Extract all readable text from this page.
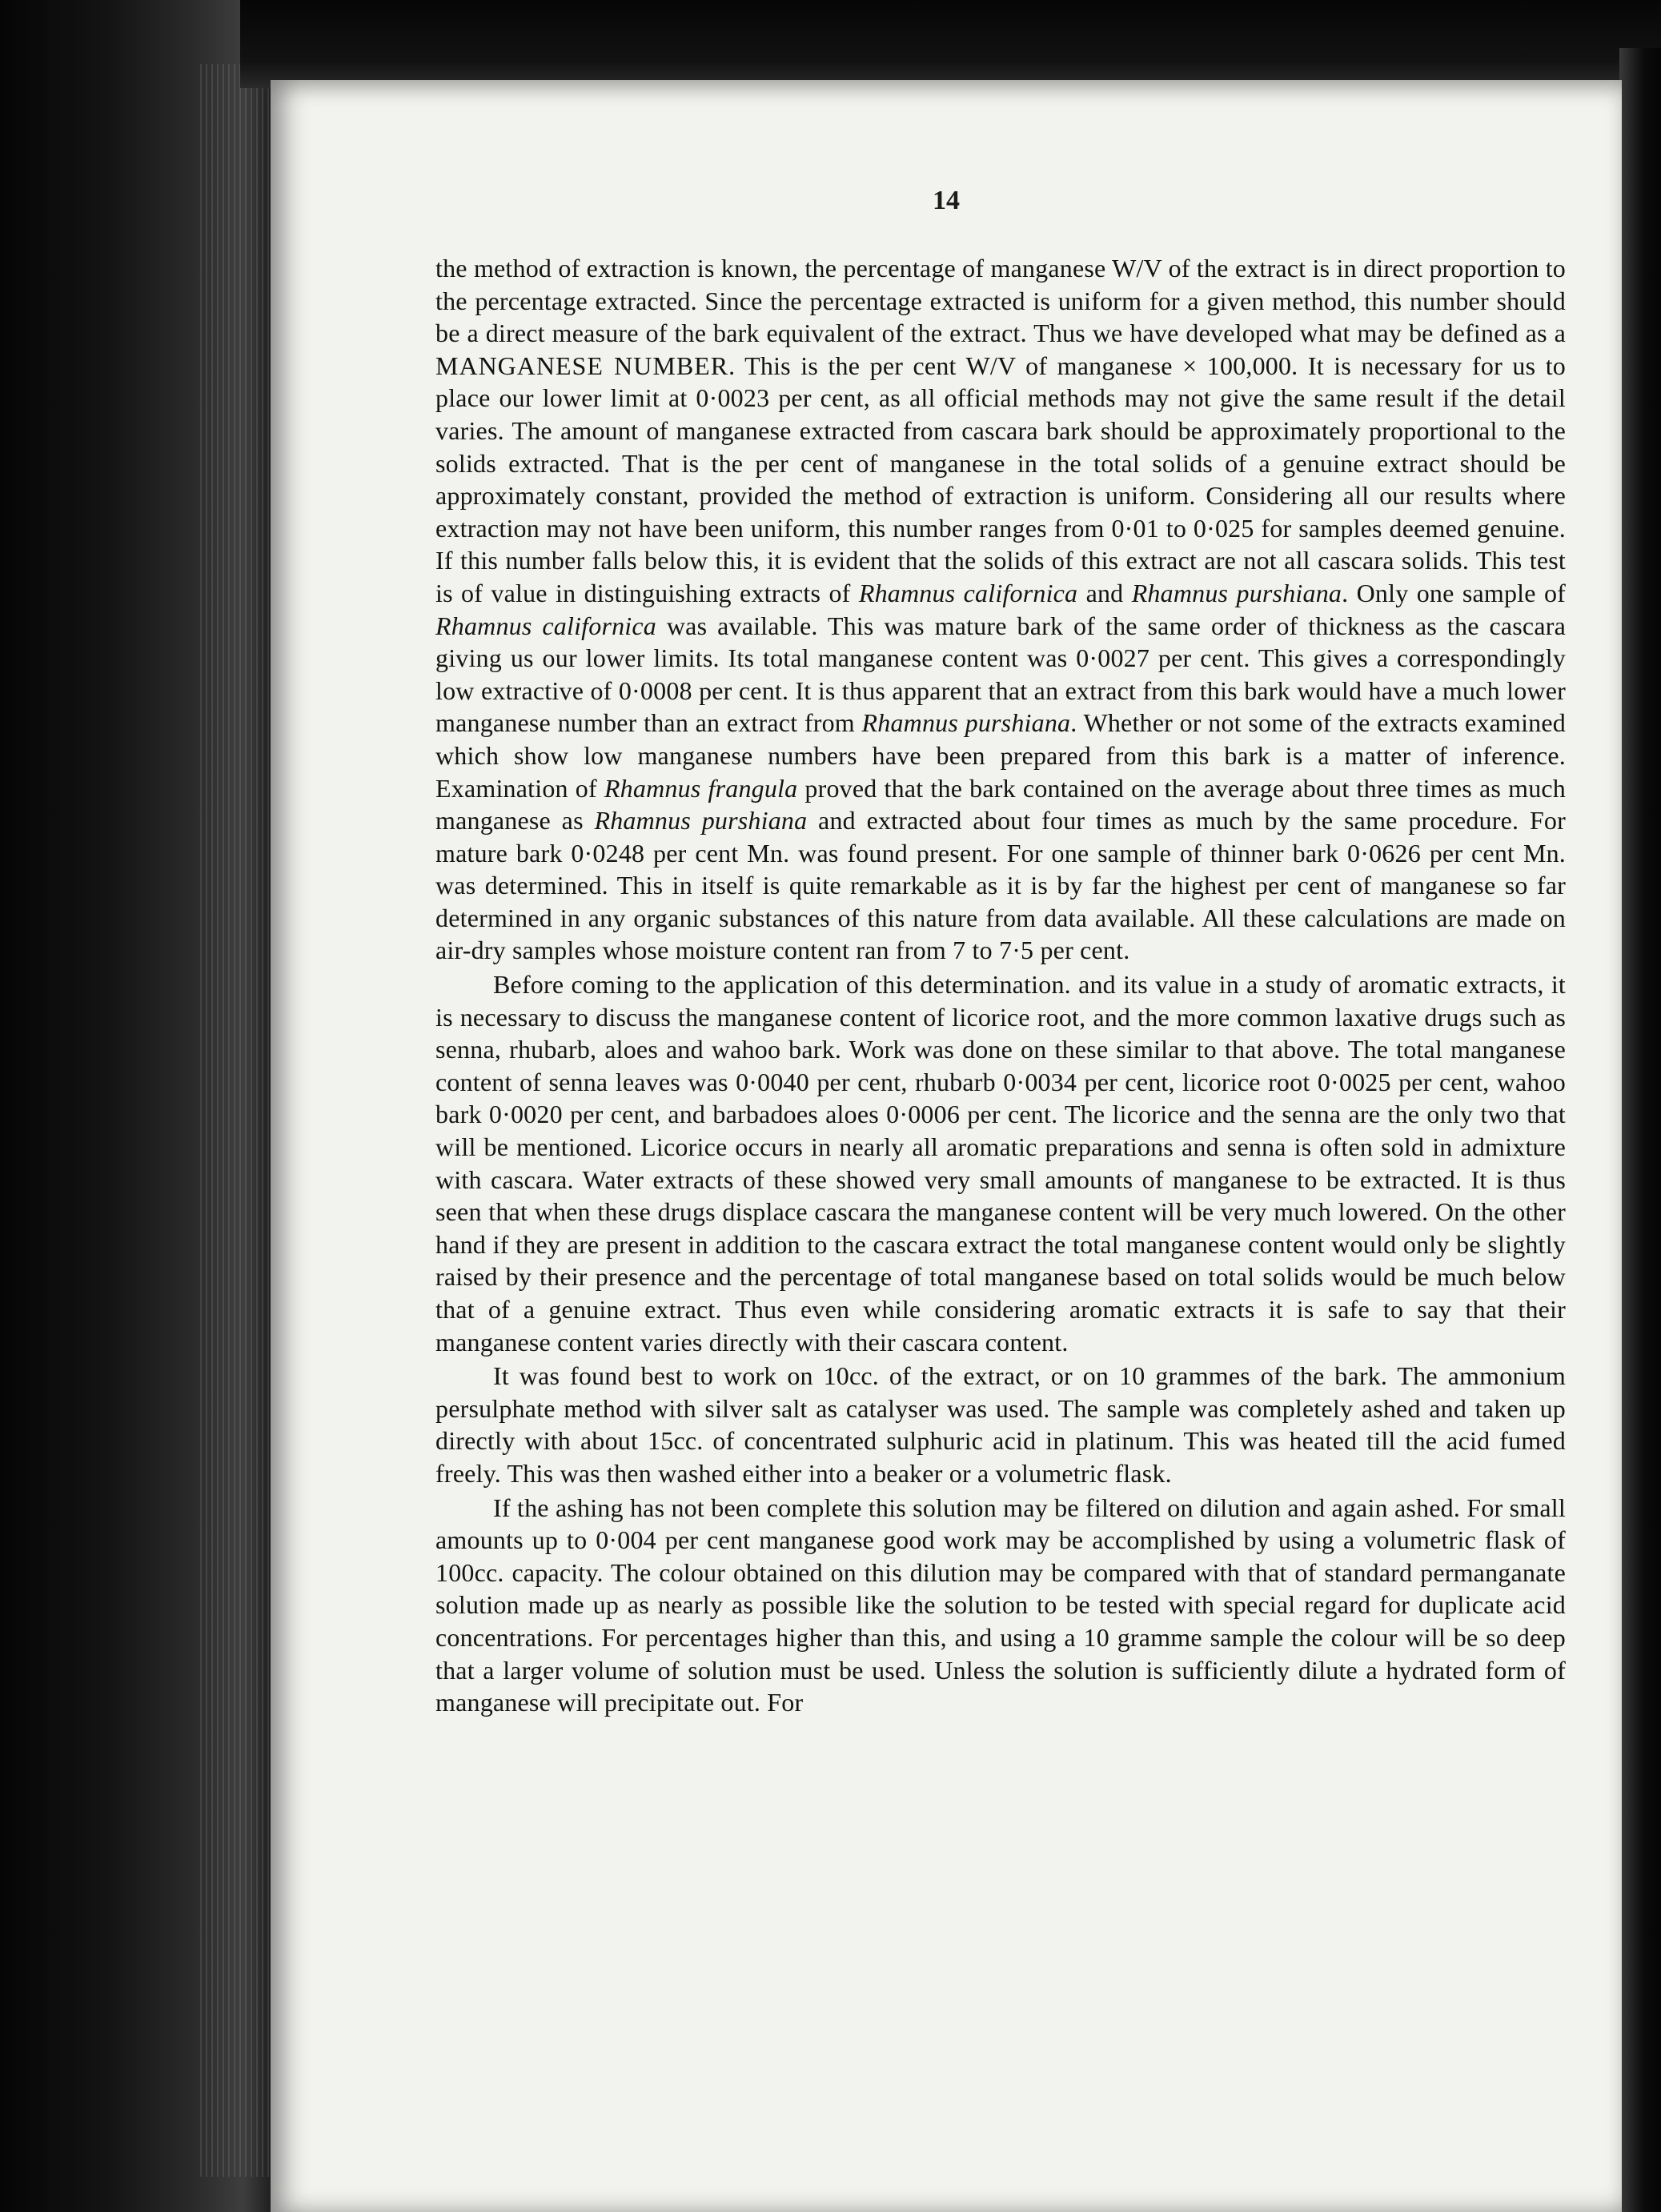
14

the method of extraction is known, the percentage of manganese W/V of the extract is in direct proportion to the percentage extracted. Since the percentage extracted is uniform for a given method, this number should be a direct measure of the bark equivalent of the extract. Thus we have developed what may be defined as a MANGANESE NUMBER. This is the per cent W/V of manganese × 100,000. It is necessary for us to place our lower limit at 0·0023 per cent, as all official methods may not give the same result if the detail varies. The amount of manganese extracted from cascara bark should be approximately proportional to the solids extracted. That is the per cent of manganese in the total solids of a genuine extract should be approximately constant, provided the method of extraction is uniform. Considering all our results where extraction may not have been uniform, this number ranges from 0·01 to 0·025 for samples deemed genuine. If this number falls below this, it is evident that the solids of this extract are not all cascara solids. This test is of value in distinguishing extracts of Rhamnus californica and Rhamnus purshiana. Only one sample of Rhamnus californica was available. This was mature bark of the same order of thickness as the cascara giving us our lower limits. Its total manganese content was 0·0027 per cent. This gives a correspondingly low extractive of 0·0008 per cent. It is thus apparent that an extract from this bark would have a much lower manganese number than an extract from Rhamnus purshiana. Whether or not some of the extracts examined which show low manganese numbers have been prepared from this bark is a matter of inference. Examination of Rhamnus frangula proved that the bark contained on the average about three times as much manganese as Rhamnus purshiana and extracted about four times as much by the same procedure. For mature bark 0·0248 per cent Mn. was found present. For one sample of thinner bark 0·0626 per cent Mn. was determined. This in itself is quite remarkable as it is by far the highest per cent of manganese so far determined in any organic substances of this nature from data available. All these calculations are made on air-dry samples whose moisture content ran from 7 to 7·5 per cent.

Before coming to the application of this determination. and its value in a study of aromatic extracts, it is necessary to discuss the manganese content of licorice root, and the more common laxative drugs such as senna, rhubarb, aloes and wahoo bark. Work was done on these similar to that above. The total manganese content of senna leaves was 0·0040 per cent, rhubarb 0·0034 per cent, licorice root 0·0025 per cent, wahoo bark 0·0020 per cent, and barbadoes aloes 0·0006 per cent. The licorice and the senna are the only two that will be mentioned. Licorice occurs in nearly all aromatic preparations and senna is often sold in admixture with cascara. Water extracts of these showed very small amounts of manganese to be extracted. It is thus seen that when these drugs displace cascara the manganese content will be very much lowered. On the other hand if they are present in addition to the cascara extract the total manganese content would only be slightly raised by their presence and the percentage of total manganese based on total solids would be much below that of a genuine extract. Thus even while considering aromatic extracts it is safe to say that their manganese content varies directly with their cascara content.

It was found best to work on 10cc. of the extract, or on 10 grammes of the bark. The ammonium persulphate method with silver salt as catalyser was used. The sample was completely ashed and taken up directly with about 15cc. of concentrated sulphuric acid in platinum. This was heated till the acid fumed freely. This was then washed either into a beaker or a volumetric flask.

If the ashing has not been complete this solution may be filtered on dilution and again ashed. For small amounts up to 0·004 per cent manganese good work may be accomplished by using a volumetric flask of 100cc. capacity. The colour obtained on this dilution may be compared with that of standard permanganate solution made up as nearly as possible like the solution to be tested with special regard for duplicate acid concentrations. For percentages higher than this, and using a 10 gramme sample the colour will be so deep that a larger volume of solution must be used. Unless the solution is sufficiently dilute a hydrated form of manganese will precipitate out. For
